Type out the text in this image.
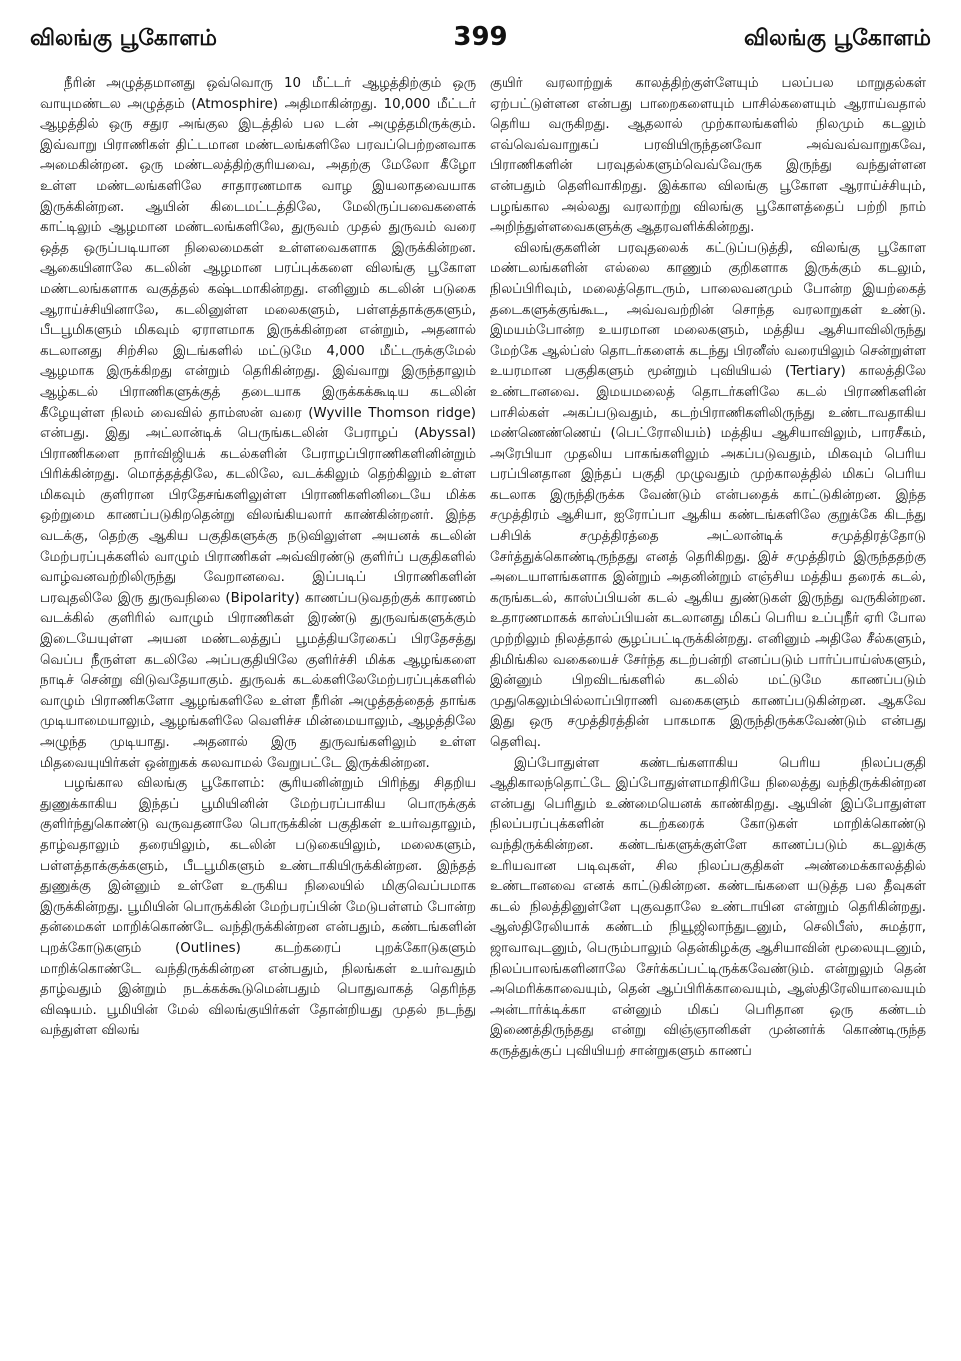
விலங்கு பூகோளம்	399	விலங்கு பூகோளம்

நீரின் அழுத்தமானது ஒவ்வொரு 10 மீட்டர் ஆழத்திற்கும் ஒரு வாயுமண்டல அழுத்தம் (Atmosphire) அதிமாகின்றது. 10,000 மீட்டர் ஆழத்தில் ஒரு சதுர அங்குல இடத்தில் பல டன் அழுத்தமிருக்கும். இவ்வாறு பிராணிகள் திட்டமான மண்டலங்களிலே பரவப்பெற்றனவாக அமைகின்றன. ஒரு மண்டலத்திற்குரியவை, அதற்கு மேலோ கீழோ உள்ள மண்டலங்களிலே சாதாரணமாக வாழ இயலாதவையாக இருக்கின்றன. ஆயின் கிடைமட்டத்திலே, மேலிருப்பவைகளைக் காட்டிலும் ஆழமான மண்டலங்களிலே, துருவம் முதல் துருவம் வரை ஒத்த ஒருப்படியான நிலைமைகள் உள்ளவைகளாக இருக்கின்றன. ஆகையினாலே கடலின் ஆழமான பரப்புக்களை விலங்கு பூகோள மண்டலங்களாக வகுத்தல் கஷ்டமாகின்றது. எனினும் கடலின் படுகை ஆராய்ச்சியினாலே, கடலினுள்ள மலைகளும், பள்ளத்தாக்குகளும், பீடபூமிகளும் மிகவும் ஏராளமாக இருக்கின்றன என்றும், அதனால் கடலானது சிற்சில இடங்களில் மட்டுமே 4,000 மீட்டருக்குமேல் ஆழமாக இருக்கிறது என்றும் தெரிகின்றது. இவ்வாறு இருந்தாலும் ஆழ்கடல் பிராணிகளுக்குத் தடையாக இருக்கக்கூடிய கடலின் கீழேயுள்ள நிலம் வைவில் தாம்ஸன் வரை (Wyville Thomson ridge) என்பது. இது அட்லான்டிக் பெருங்கடலின் பேராழப் (Abyssal) பிராணிகளை நார்விஜியக் கடல்களின் பேராழப்பிராணிகளினின்றும் பிரிக்கின்றது. மொத்தத்திலே, கடலிலே, வடக்கிலும் தெற்கிலும் உள்ள மிகவும் குளிரான பிரதேசங்களிலுள்ள பிராணிகளினிடையே மிக்க ஒற்றுமை காணப்படுகிறதென்று விலங்கியலார் காண்கின்றனர். இந்த வடக்கு, தெற்கு ஆகிய பகுதிகளுக்கு நடுவிலுள்ள அயனக் கடலின் மேற்பரப்புக்களில் வாழும் பிராணிகள் அவ்விரண்டு குளிர்ப் பகுதிகளில் வாழ்வனவற்றிலிருந்து வேறானவை. இப்படிப் பிராணிகளின் பரவுதலிலே இரு துருவநிலை (Bipolarity) காணப்படுவதற்குக் காரணம் வடக்கில் குளிரில் வாழும் பிராணிகள் இரண்டு துருவங்களுக்கும் இடையேயுள்ள அயன மண்டலத்துப் பூமத்தியரேகைப் பிரதேசத்து வெப்ப நீருள்ள கடலிலே அப்பகுதியிலே குளிர்ச்சி மிக்க ஆழங்களை நாடிச் சென்று விடுவதேயாகும். துருவக் கடல்களிலேமேற்பரப்புக்களில் வாழும் பிராணிகளோ ஆழங்களிலே உள்ள நீரின் அழுத்தத்தைத் தாங்க முடியாமையாலும், ஆழங்களிலே வெளிச்ச மின்மையாலும், ஆழத்திலே அழுந்த முடியாது. அதனால் இரு துருவங்களிலும் உள்ள மிதவையுயிர்கள் ஒன்றுகக் கலவாமல் வேறுபட்டே இருக்கின்றன.

பழங்கால விலங்கு பூகோளம்: சூரியனின்றும் பிரிந்து சிதறிய துணுக்காகிய இந்தப் பூமியினின் மேற்பரப்பாகிய பொருக்குக் குளிர்ந்துகொண்டு வருவதனாலே பொருக்கின் பகுதிகள் உயர்வதாலும், தாழ்வதாலும் தரையிலும், கடலின் படுகையிலும், மலைகளும், பள்ளத்தாக்குக்களும், பீடபூமிகளும் உண்டாகியிருக்கின்றன. இந்தத் துணுக்கு இன்னும் உள்ளே உருகிய நிலையில் மிகுவெப்பமாக இருக்கின்றது. பூமியின் பொருக்கின் மேற்பரப்பின் மேடுபள்ளம் போன்ற தன்மைகள் மாறிக்கொண்டே வந்திருக்கின்றன என்பதும், கண்டங்களின் புறக்கோடுகளும் (Outlines) கடற்கரைப் புறக்கோடுகளும் மாறிக்கொண்டே வந்திருக்கின்றன என்பதும், நிலங்கள் உயர்வதும் தாழ்வதும் இன்றும் நடக்கக்கூடுமென்பதும் பொதுவாகத் தெரிந்த விஷயம். பூமியின் மேல் விலங்குயிர்கள் தோன்றியது முதல் நடந்து வந்துள்ள விலங்

குயிர் வரலாற்றுக் காலத்திற்குள்ளேயும் பலப்பல மாறுதல்கள் ஏற்பட்டுள்ளன என்பது பாறைகளையும் பாசில்களையும் ஆராய்வதால் தெரிய வருகிறது. ஆதலால் முற்காலங்களில் நிலமும் கடலும் எவ்வெவ்வாறுகப் பரவியிருந்தனவோ அவ்வவ்வாறுகவே, பிராணிகளின் பரவுதல்களும்வெவ்வேருக இருந்து வந்துள்ளன என்பதும் தெளிவாகிறது. இக்கால விலங்கு பூகோள ஆராய்ச்சியும், பழங்கால அல்லது வரலாற்று விலங்கு பூகோளத்தைப் பற்றி நாம் அறிந்துள்ளவைகளுக்கு ஆதரவளிக்கின்றது.

விலங்குகளின் பரவுதலைக் கட்டுப்படுத்தி, விலங்கு பூகோள மண்டலங்களின் எல்லை காணும் குறிகளாக இருக்கும் கடலும், நிலப்பிரிவும், மலைத்தொடரும், பாலைவனமும் போன்ற இயற்கைத் தடைகளுக்குங்கூட, அவ்வவற்றின் சொந்த வரலாறுகள் உண்டு. இமயம்போன்ற உயரமான மலைகளும், மத்திய ஆசியாவிலிருந்து மேற்கே ஆல்ப்ஸ் தொடர்களைக் கடந்து பிரனீஸ் வரையிலும் சென்றுள்ள உயரமான பகுதிகளும் மூன்றும் புவியியல் (Tertiary) காலத்திலே உண்டானவை. இமயமலைத் தொடர்களிலே கடல் பிராணிகளின் பாசில்கள் அகப்படுவதும், கடற்பிராணிகளிலிருந்து உண்டாவதாகிய மண்ணெண்ணெய் (பெட்ரோலியம்) மத்திய ஆசியாவிலும், பாரசீகம், அரேபியா முதலிய பாகங்களிலும் அகப்படுவதும், மிகவும் பெரிய பரப்பினதான இந்தப் பகுதி முழுவதும் முற்காலத்தில் மிகப் பெரிய கடலாக இருந்திருக்க வேண்டும் என்பதைக் காட்டுகின்றன. இந்த சமுத்திரம் ஆசியா, ஐரோப்பா ஆகிய கண்டங்களிலே குறுக்கே கிடந்து பசிபிக் சமுத்திரத்தை அட்லான்டிக் சமுத்திரத்தோடு சேர்த்துக்கொண்டிருந்தது எனத் தெரிகிறது. இச் சமுத்திரம் இருந்ததற்கு அடையாளங்களாக இன்றும் அதனின்றும் எஞ்சிய மத்திய தரைக் கடல், கருங்கடல், காஸ்ப்பியன் கடல் ஆகிய துண்டுகள் இருந்து வருகின்றன. உதாரணமாகக் காஸ்ப்பியன் கடலானது மிகப் பெரிய உப்புநீர் ஏரி போல முற்றிலும் நிலத்தால் சூழப்பட்டிருக்கின்றது. எனினும் அதிலே சீல்களும், திமிங்கில வகையைச் சேர்ந்த கடற்பன்றி எனப்படும் பார்ப்பாய்ஸ்களும், இன்னும் பிறவிடங்களில் கடலில் மட்டுமே காணப்படும் முதுகெலும்பில்லாப்பிராணி வகைகளும் காணப்படுகின்றன. ஆகவே இது ஒரு சமுத்திரத்தின் பாகமாக இருந்திருக்கவேண்டும் என்பது தெளிவு.

இப்போதுள்ள கண்டங்களாகிய பெரிய நிலப்பகுதி ஆதிகாலந்தொட்டே இப்போதுள்ளமாதிரியே நிலைத்து வந்திருக்கின்றன என்பது பெரிதும் உண்மையெனக் காண்கிறது. ஆயின் இப்போதுள்ள நிலப்பரப்புக்களின் கடற்கரைக் கோடுகள் மாறிக்கொண்டு வந்திருக்கின்றன. கண்டங்களுக்குள்ளே காணப்படும் கடலுக்கு உரியவான படிவுகள், சில நிலப்பகுதிகள் அண்மைக்காலத்தில் உண்டானவை எனக் காட்டுகின்றன. கண்டங்களை யடுத்த பல தீவுகள் கடல் நிலத்தினுள்ளே புகுவதாலே உண்டாயின என்றும் தெரிகின்றது. ஆஸ்திரேலியாக் கண்டம் நியூஜிலாந்துடனும், செலிபீஸ், சுமத்ரா, ஜாவாவுடனும், பெரும்பாலும் தென்கிழக்கு ஆசியாவின் மூலையுடனும், நிலப்பாலங்களினாலே சேர்க்கப்பட்டிருக்கவேண்டும். என்றுலும் தென் அமெரிக்காவையும், தென் ஆப்பிரிக்காவையும், ஆஸ்திரேலியாவையும் அன்டார்க்டிக்கா என்னும் மிகப் பெரிதான ஒரு கண்டம் இணைத்திருந்தது என்று விஞ்ஞானிகள் முன்னர்க் கொண்டிருந்த கருத்துக்குப் புவியியற் சான்றுகளும் காணப்
